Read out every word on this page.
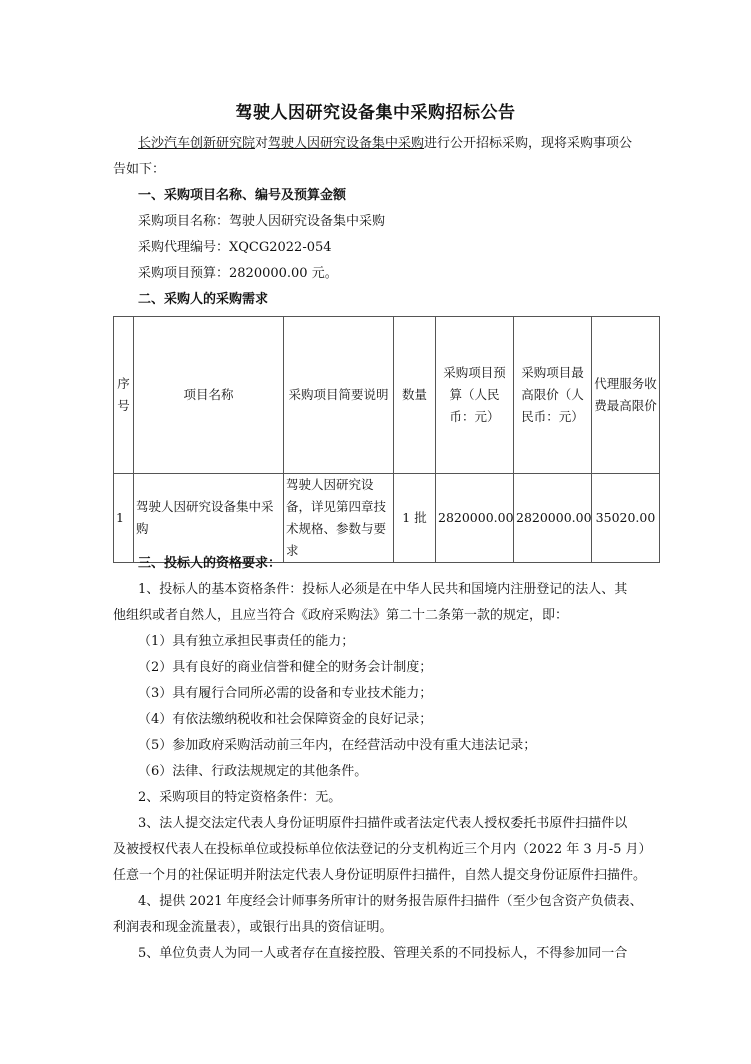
驾驶人因研究设备集中采购招标公告
长沙汽车创新研究院对驾驶人因研究设备集中采购进行公开招标采购，现将采购事项公
告如下：
一、采购项目名称、编号及预算金额
采购项目名称：驾驶人因研究设备集中采购
采购代理编号：XQCG2022-054
采购项目预算：2820000.00 元。
二、采购人的采购需求
序号	项目名称	采购项目简要说明	数量	采购项目预算（人民币：元）	采购项目最高限价（人民币：元）	代理服务收费最高限价
1	驾驶人因研究设备集中采购	驾驶人因研究设备，详见第四章技术规格、参数与要求	1 批	2820000.00	2820000.00	35020.00
三、投标人的资格要求：
1、投标人的基本资格条件：投标人必须是在中华人民共和国境内注册登记的法人、其
他组织或者自然人，且应当符合《政府采购法》第二十二条第一款的规定，即：
（1）具有独立承担民事责任的能力；
（2）具有良好的商业信誉和健全的财务会计制度；
（3）具有履行合同所必需的设备和专业技术能力；
（4）有依法缴纳税收和社会保障资金的良好记录；
（5）参加政府采购活动前三年内，在经营活动中没有重大违法记录；
（6）法律、行政法规规定的其他条件。
2、采购项目的特定资格条件：无。
3、法人提交法定代表人身份证明原件扫描件或者法定代表人授权委托书原件扫描件以
及被授权代表人在投标单位或投标单位依法登记的分支机构近三个月内（2022 年 3 月-5 月）
任意一个月的社保证明并附法定代表人身份证明原件扫描件，自然人提交身份证原件扫描件。
4、提供 2021 年度经会计师事务所审计的财务报告原件扫描件（至少包含资产负债表、
利润表和现金流量表），或银行出具的资信证明。
5、单位负责人为同一人或者存在直接控股、管理关系的不同投标人，不得参加同一合
